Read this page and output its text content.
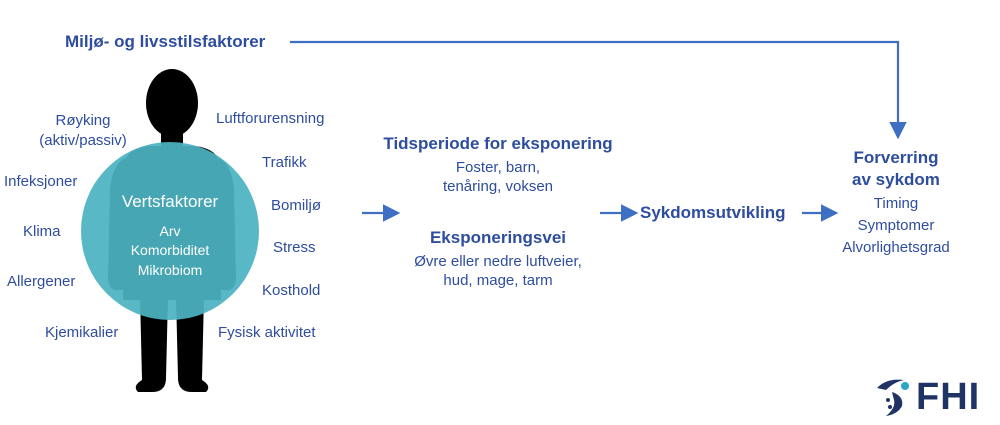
Miljø- og livsstilsfaktorer
Røyking
(aktiv/passiv)
Infeksjoner
Klima
Allergener
Kjemikalier
Luftforurensning
Trafikk
Bomiljø
Stress
Kosthold
Fysisk aktivitet
Vertsfaktorer
Arv
Komorbiditet
Mikrobiom
Tidsperiode for eksponering
Foster, barn,
tenåring, voksen
Eksponeringsvei
Øvre eller nedre luftveier,
hud, mage, tarm
Sykdomsutvikling
Forverring
av sykdom
Timing
Symptomer
Alvorlighetsgrad
FHI
